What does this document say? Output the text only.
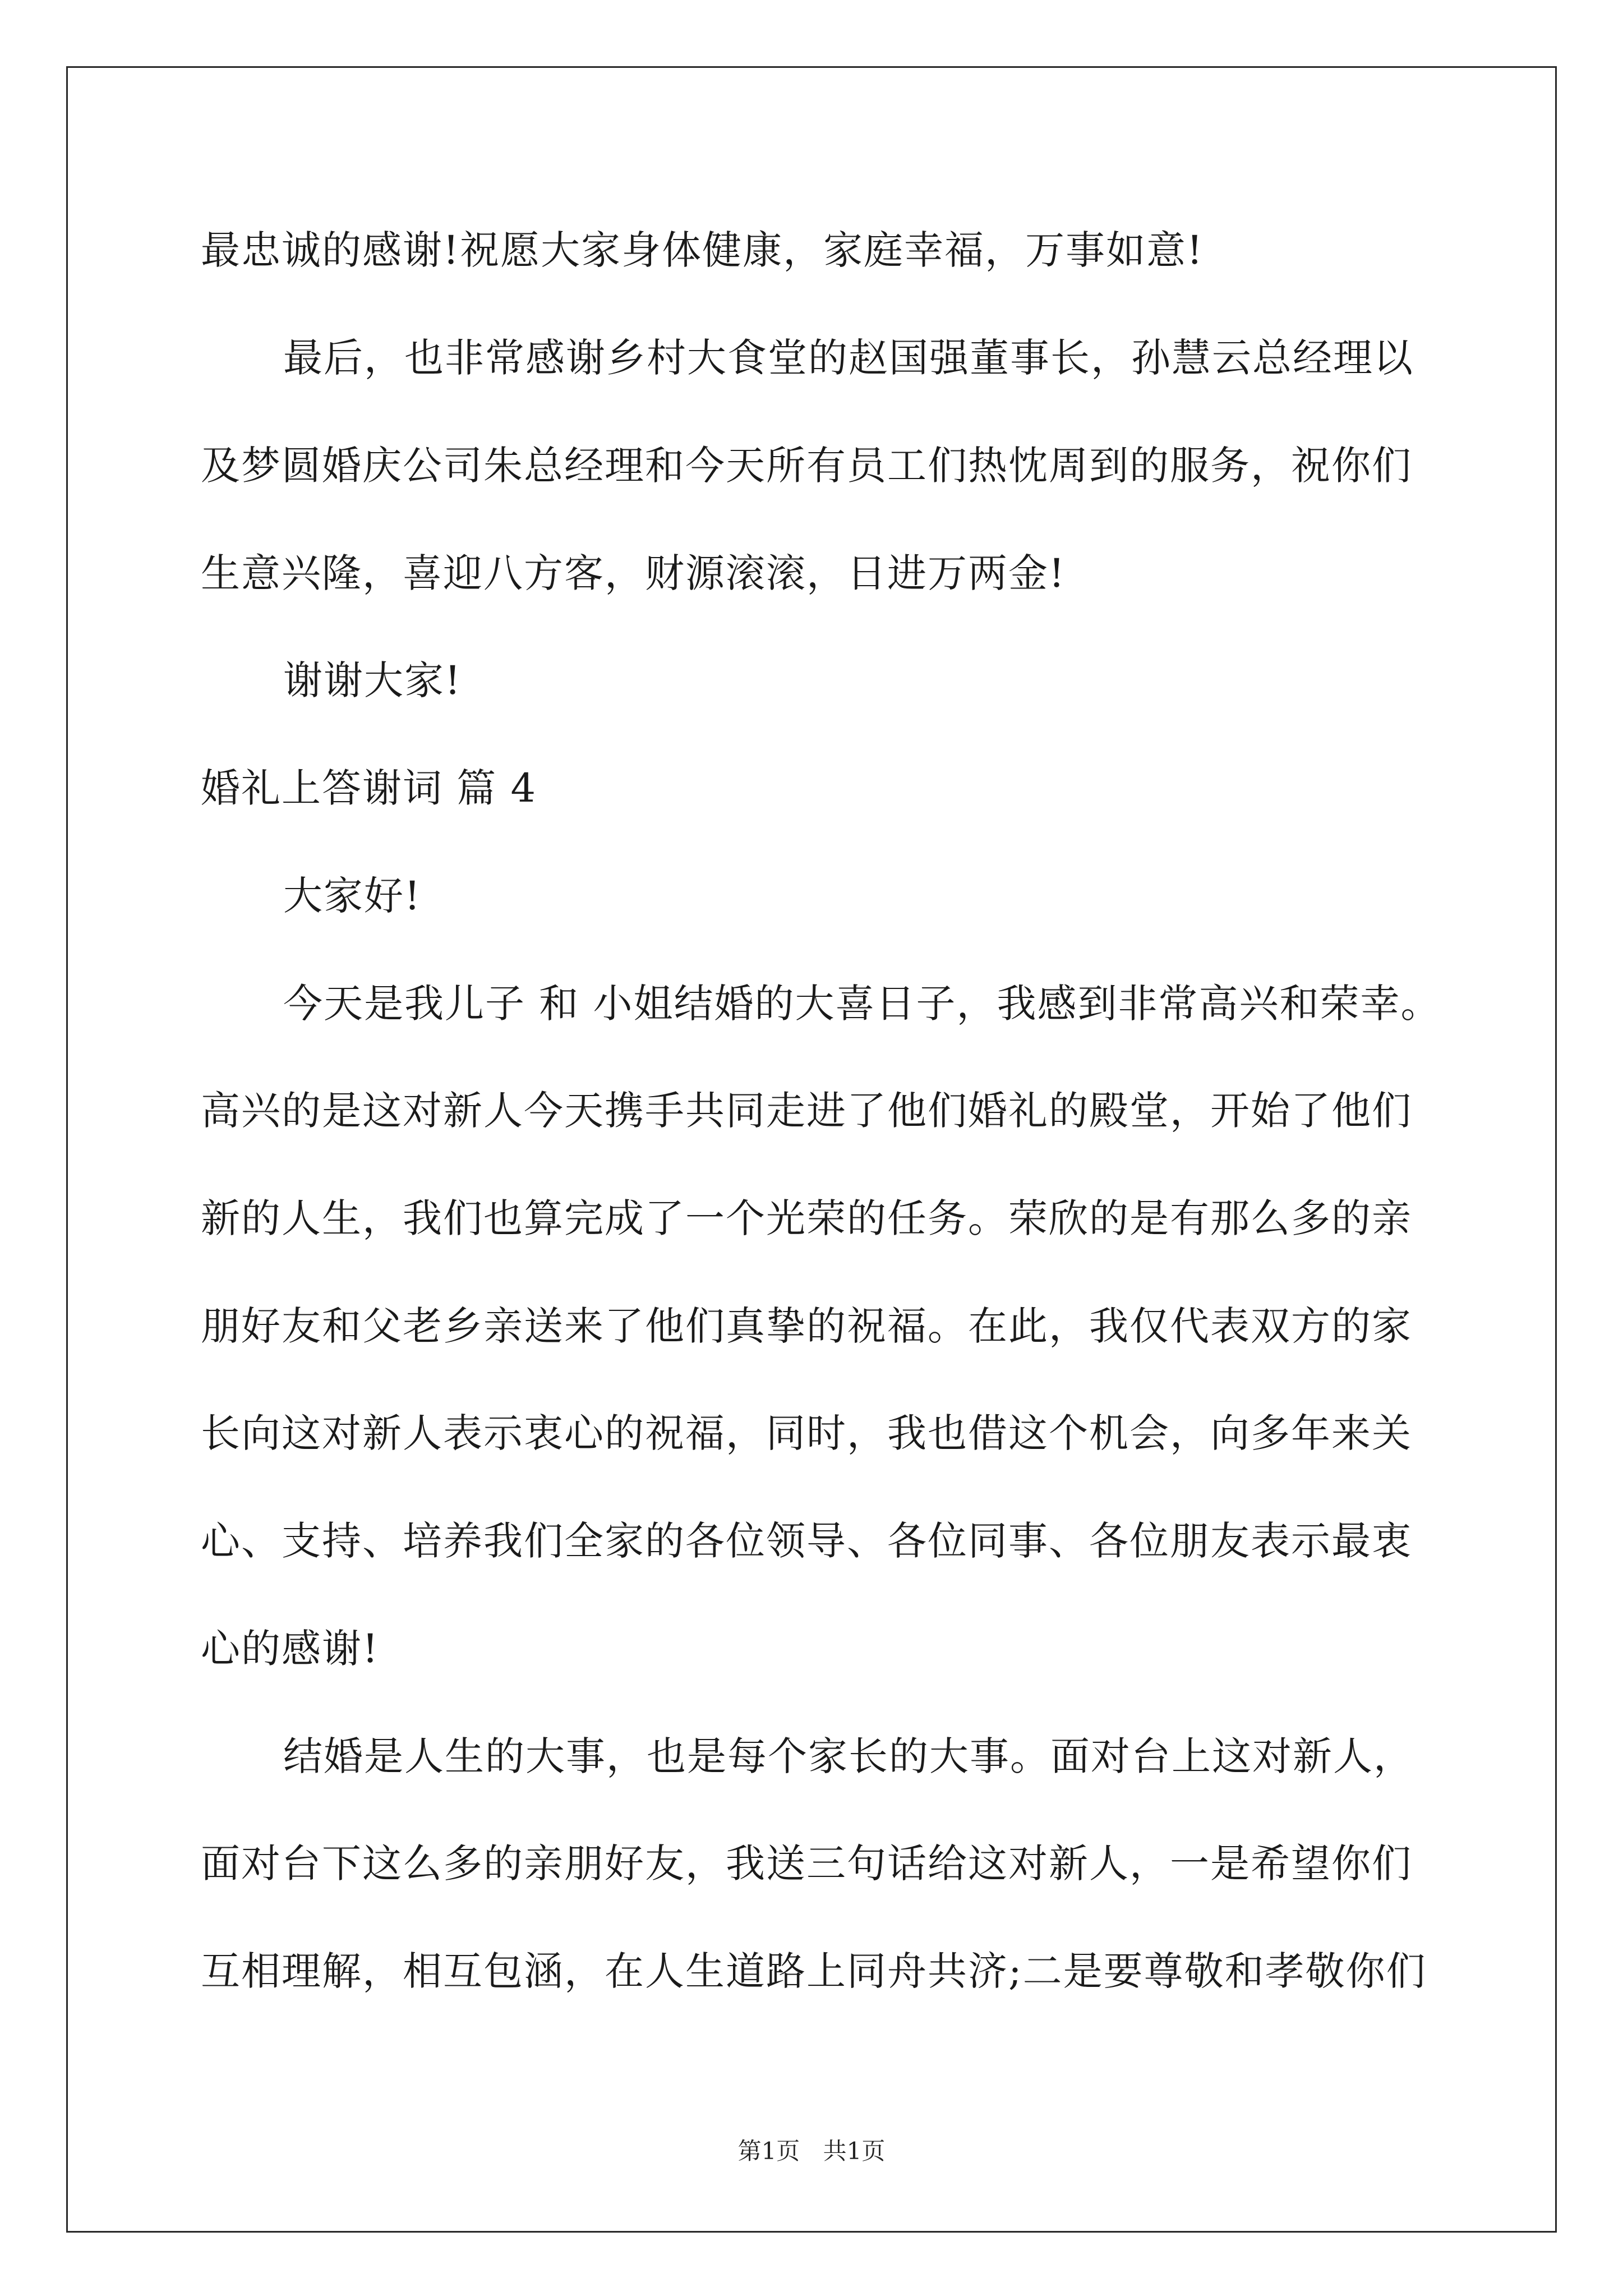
最忠诚的感谢!祝愿大家身体健康，家庭幸福，万事如意!
最后，也非常感谢乡村大食堂的赵国强董事长，孙慧云总经理以
及梦圆婚庆公司朱总经理和今天所有员工们热忱周到的服务，祝你们
生意兴隆，喜迎八方客，财源滚滚，日进万两金!
谢谢大家!
婚礼上答谢词 篇 4
大家好!
今天是我儿子 和 小姐结婚的大喜日子，我感到非常高兴和荣幸。
高兴的是这对新人今天携手共同走进了他们婚礼的殿堂，开始了他们
新的人生，我们也算完成了一个光荣的任务。荣欣的是有那么多的亲
朋好友和父老乡亲送来了他们真挚的祝福。在此，我仅代表双方的家
长向这对新人表示衷心的祝福，同时，我也借这个机会，向多年来关
心、支持、培养我们全家的各位领导、各位同事、各位朋友表示最衷
心的感谢!
结婚是人生的大事，也是每个家长的大事。面对台上这对新人，
面对台下这么多的亲朋好友，我送三句话给这对新人，一是希望你们
互相理解，相互包涵，在人生道路上同舟共济;二是要尊敬和孝敬你们
第1页 共1页
